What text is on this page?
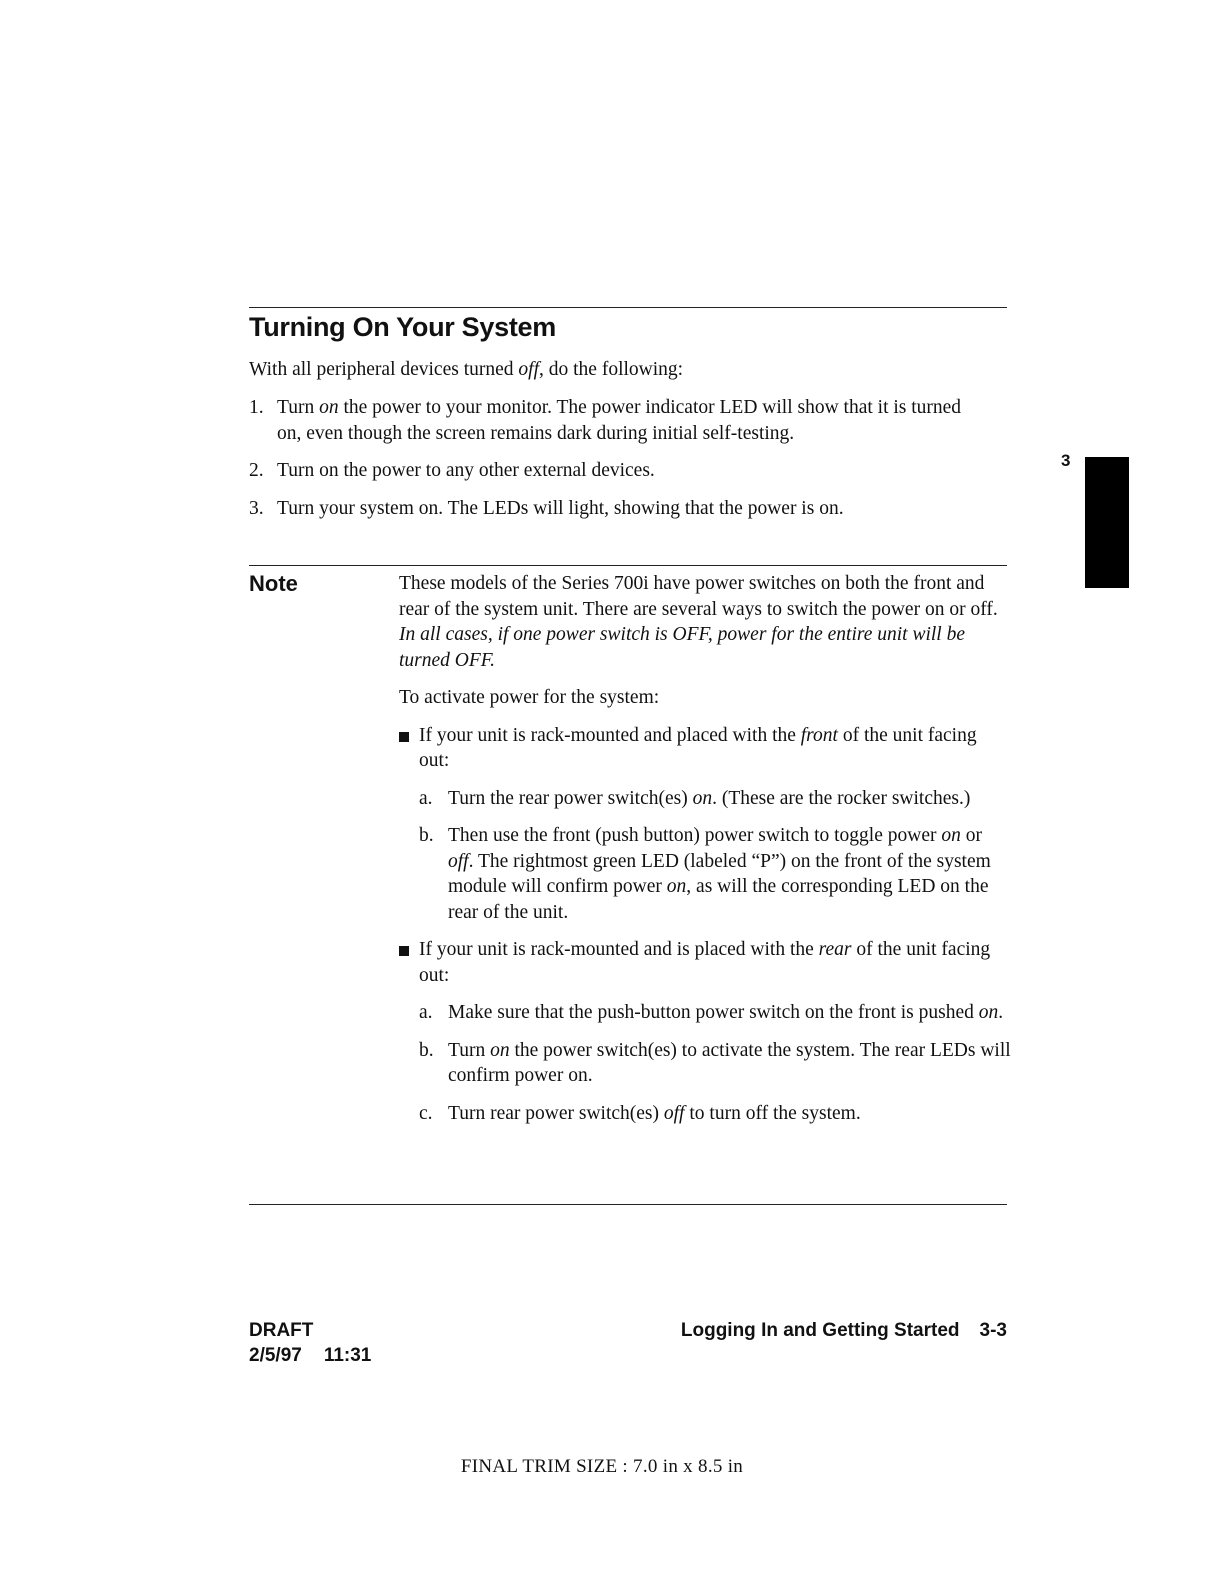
Turning On Your System
With all peripheral devices turned off, do the following:
1. Turn on the power to your monitor. The power indicator LED will show that it is turned on, even though the screen remains dark during initial self-testing.
2. Turn on the power to any other external devices.
3. Turn your system on. The LEDs will light, showing that the power is on.
Note	These models of the Series 700i have power switches on both the front and rear of the system unit. There are several ways to switch the power on or off. In all cases, if one power switch is OFF, power for the entire unit will be turned OFF.

To activate power for the system:

If your unit is rack-mounted and placed with the front of the unit facing out:
a. Turn the rear power switch(es) on. (These are the rocker switches.)
b. Then use the front (push button) power switch to toggle power on or off. The rightmost green LED (labeled “P”) on the front of the system module will confirm power on, as will the corresponding LED on the rear of the unit.
If your unit is rack-mounted and is placed with the rear of the unit facing out:
a. Make sure that the push-button power switch on the front is pushed on.
b. Turn on the power switch(es) to activate the system. The rear LEDs will confirm power on.
c. Turn rear power switch(es) off to turn off the system.
3
DRAFT
2/5/97 11:31
Logging In and Getting Started 3-3
FINAL TRIM SIZE : 7.0 in x 8.5 in
